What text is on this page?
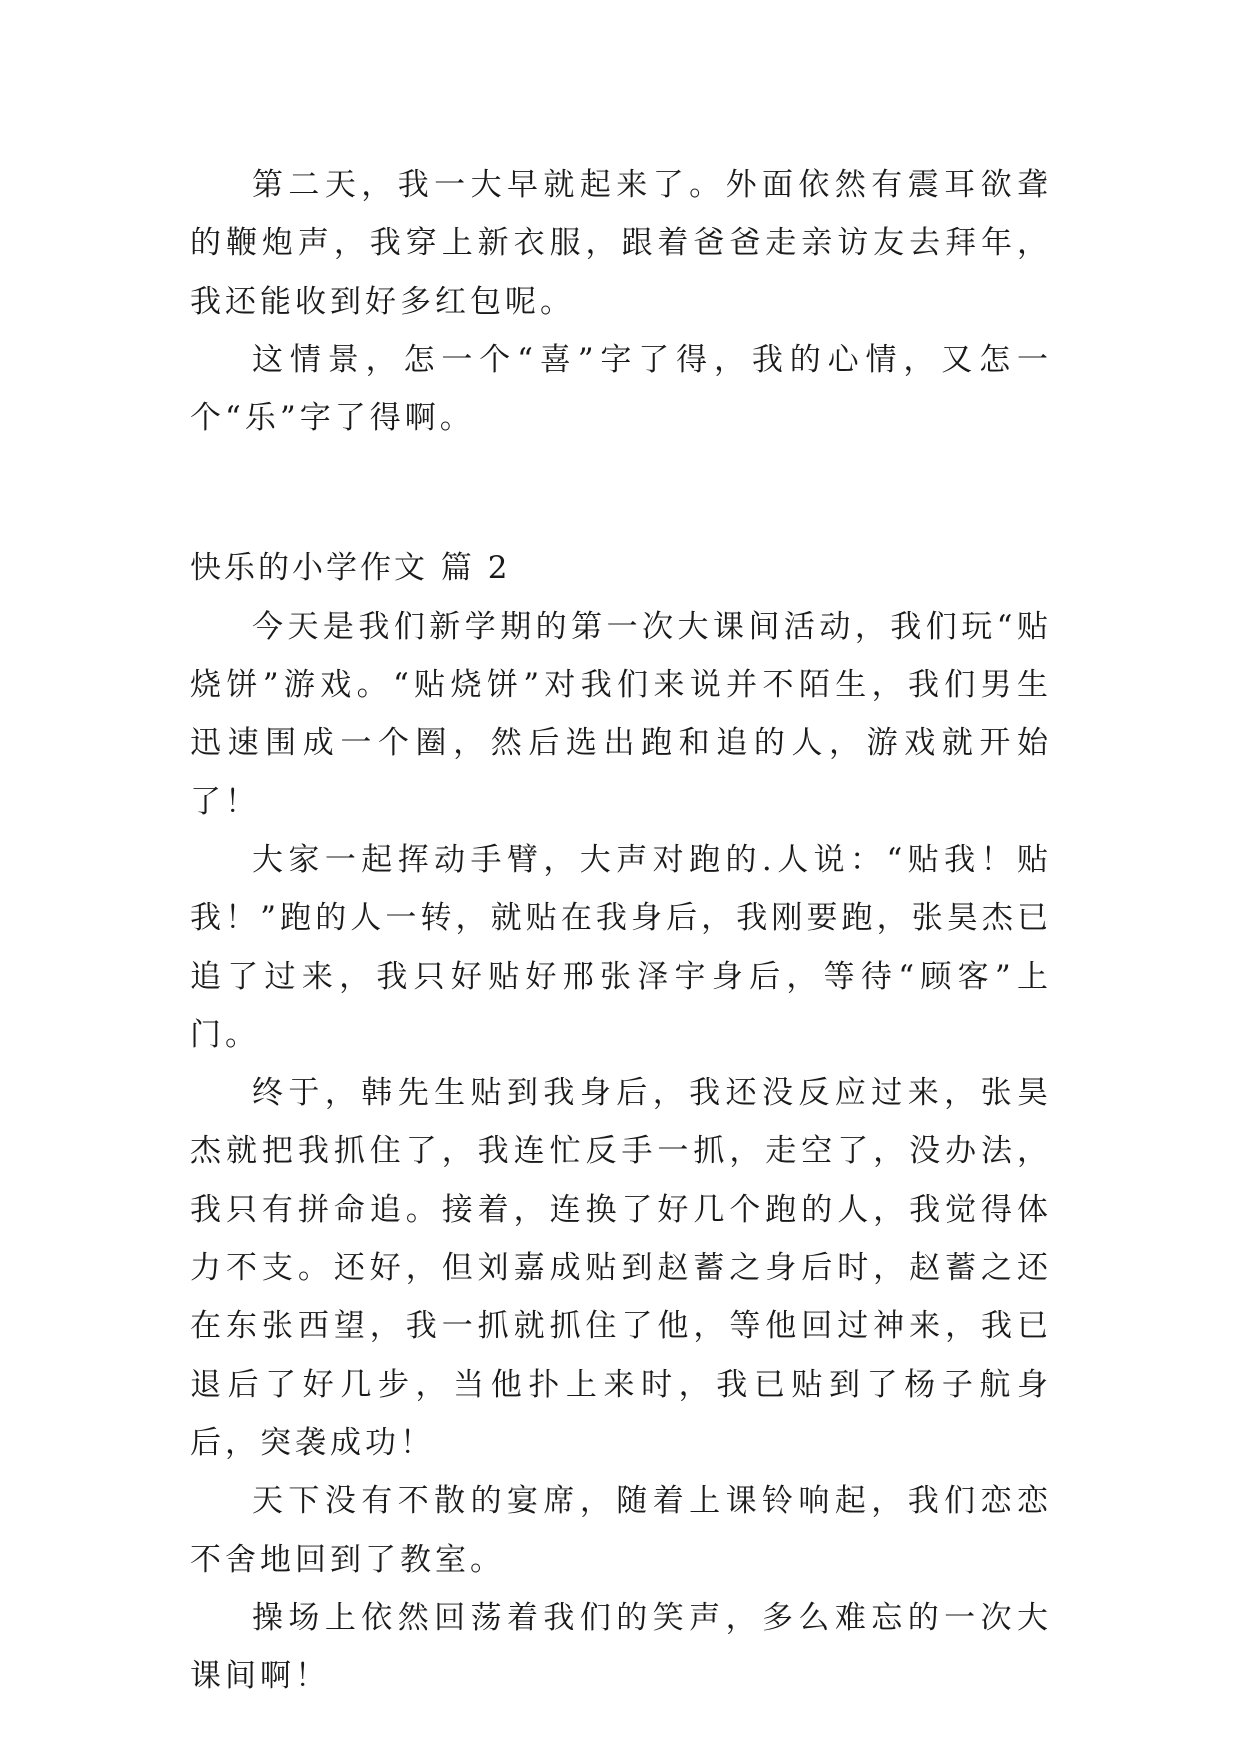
第二天，我一大早就起来了。外面依然有震耳欲聋的鞭炮声，我穿上新衣服，跟着爸爸走亲访友去拜年，我还能收到好多红包呢。

这情景，怎一个“喜”字了得，我的心情，又怎一个“乐”字了得啊。

快乐的小学作文 篇 2

今天是我们新学期的第一次大课间活动，我们玩“贴烧饼”游戏。“贴烧饼”对我们来说并不陌生，我们男生迅速围成一个圈，然后选出跑和追的人，游戏就开始了！

大家一起挥动手臂，大声对跑的.人说：“贴我！贴我！”跑的人一转，就贴在我身后，我刚要跑，张昊杰已追了过来，我只好贴好邢张泽宇身后，等待“顾客”上门。

终于，韩先生贴到我身后，我还没反应过来，张昊杰就把我抓住了，我连忙反手一抓，走空了，没办法，我只有拼命追。接着，连换了好几个跑的人，我觉得体力不支。还好，但刘嘉成贴到赵蓄之身后时，赵蓄之还在东张西望，我一抓就抓住了他，等他回过神来，我已退后了好几步，当他扑上来时，我已贴到了杨子航身后，突袭成功！

天下没有不散的宴席，随着上课铃响起，我们恋恋不舍地回到了教室。

操场上依然回荡着我们的笑声，多么难忘的一次大课间啊！
